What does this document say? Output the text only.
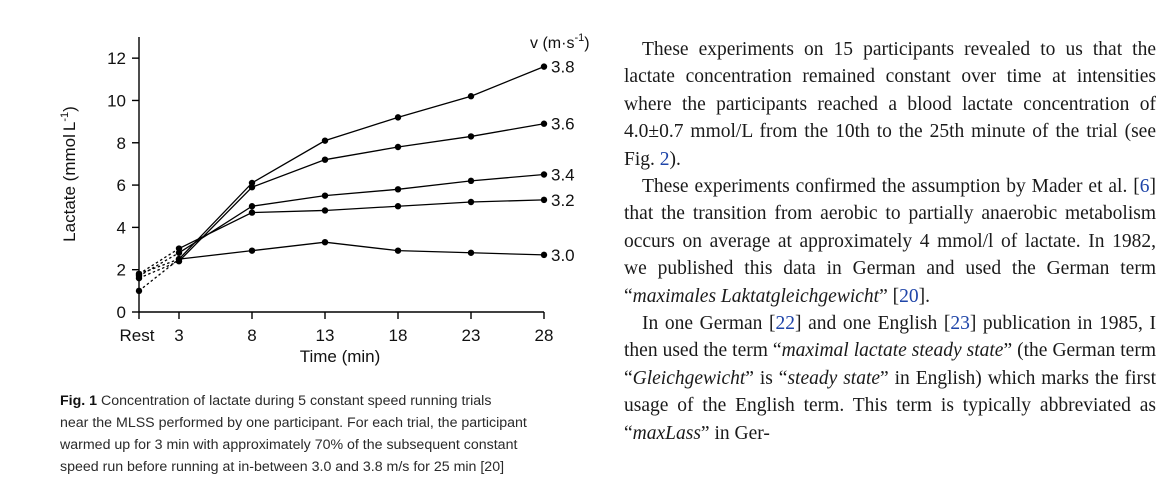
0
2
4
6
8
10
12
Rest 3	8	13	18	23	28
3.8
3.6
3.4
3.2
3.0
Time (min)
Lactate (mmolL$^{-1}$)
v $(m\cdot s^{-1})$
Fig. 1 Concentration of lactate during 5 constant speed running trials
near the MLSS performed by one participant. For each trial, the participant
warmed up for 3 min with approximately 70% of the subsequent constant
speed run before running at in-between 3.0 and 3.8 m/s for 25 min [20]

These experiments on 15 participants revealed to us that the lactate concentration remained constant over time at intensities where the participants reached a blood lactate concentration of 4.0±0.7 mmol/L from the 10th to the 25th minute of the trial (see Fig. 2).

These experiments confirmed the assumption by Mader et al. [6] that the transition from aerobic to partially anaerobic metabolism occurs on average at approximately 4 mmol/l of lactate. In 1982, we published this data in German and used the German term “maximales Laktatgleichgewicht” [20].

In one German [22] and one English [23] publication in 1985, I then used the term “maximal lactate steady state” (the German term “Gleichgewicht” is “steady state” in English) which marks the first usage of the English term. This term is typically abbreviated as “maxLass” in Ger-
